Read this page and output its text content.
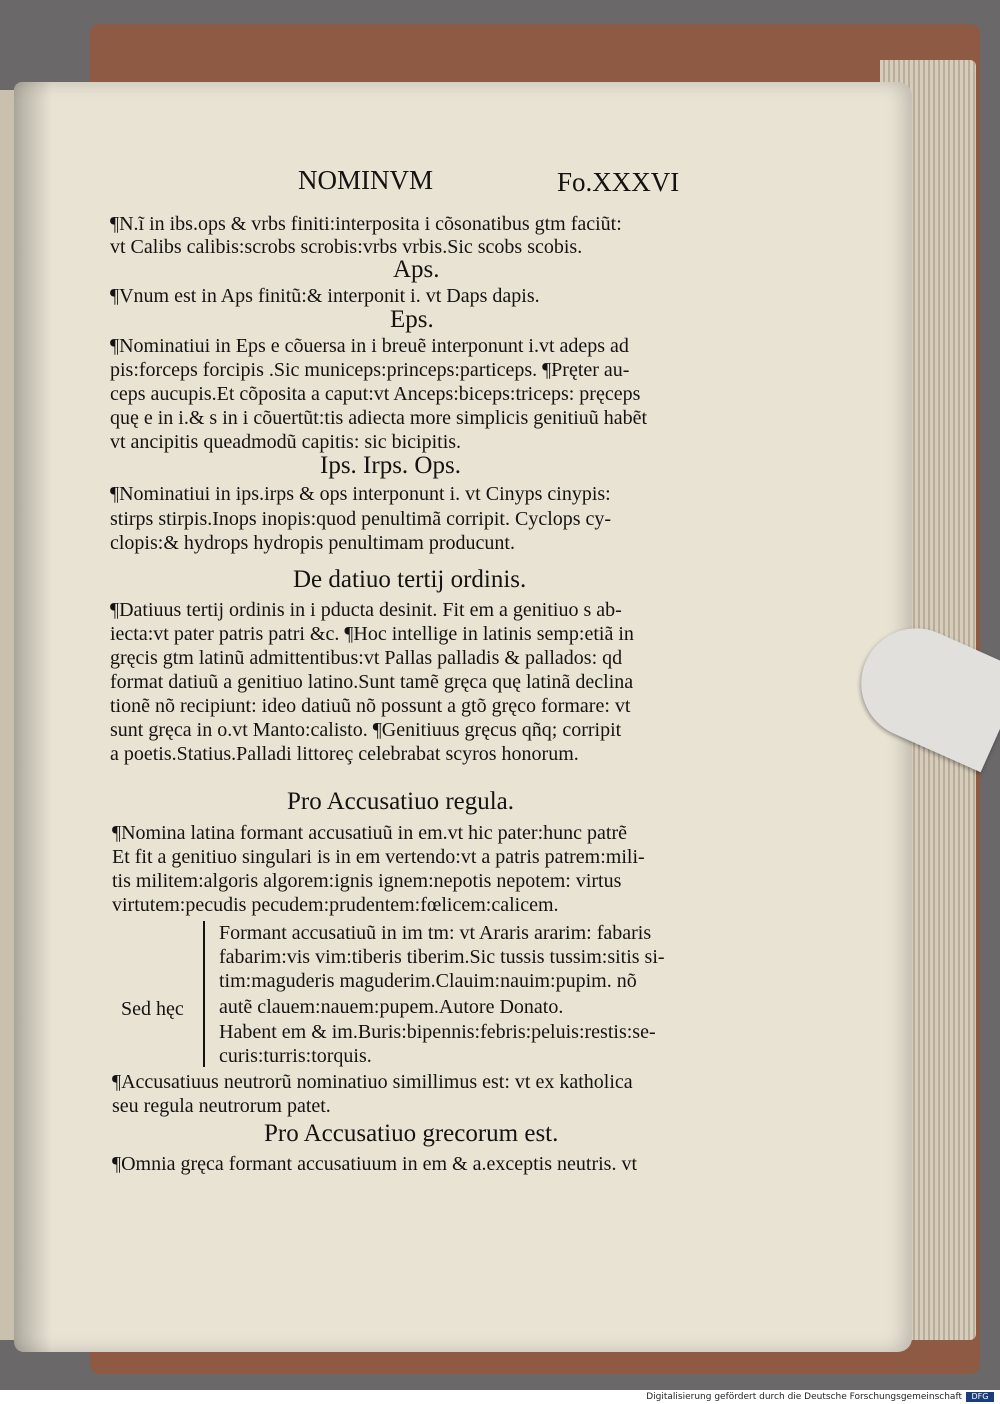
NOMINVM	Fo.XXXVI
¶N.ĩ in ibs.ops & vrbs finiti:interposita i cõsonatibus gtm faciũt:
vt Calibs calibis:scrobs scrobis:vrbs vrbis.Sic scobs scobis.
Aps.
¶Vnum est in Aps finitũ:& interponit i. vt Daps dapis.
Eps.
¶Nominatiui in Eps e cõuersa in i breuẽ interponunt i.vt adeps ad
pis:forceps forcipis .Sic municeps:princeps:particeps. ¶Pręter au-
ceps aucupis.Et cõposita a caput:vt Anceps:biceps:triceps: pręceps
quę e in i.& s in i cõuertũt:tis adiecta more simplicis genitiuũ habẽt
vt ancipitis queadmodũ capitis: sic bicipitis.
Ips. Irps. Ops.
¶Nominatiui in ips.irps & ops interponunt i. vt Cinyps cinypis:
stirps stirpis.Inops inopis:quod penultimã corripit. Cyclops cy-
clopis:& hydrops hydropis penultimam producunt.
De datiuo tertij ordinis.
¶Datiuus tertij ordinis in i pducta desinit. Fit em a genitiuo s ab-
iecta:vt pater patris patri &c. ¶Hoc intellige in latinis semp:etiã in
gręcis gtm latinũ admittentibus:vt Pallas palladis & pallados: qd
format datiuũ a genitiuo latino.Sunt tamẽ gręca quę latinã declina
tionẽ nõ recipiunt: ideo datiuũ nõ possunt a gtõ gręco formare: vt
sunt gręca in o.vt Manto:calisto. ¶Genitiuus gręcus qñq; corripit
a poetis.Statius.Palladi littoreç celebrabat scyros honorum.
Pro Accusatiuo regula.
¶Nomina latina formant accusatiuũ in em.vt hic pater:hunc patrẽ
Et fit a genitiuo singulari is in em vertendo:vt a patris patrem:mili-
tis militem:algoris algorem:ignis ignem:nepotis nepotem: virtus
virtutem:pecudis pecudem:prudentem:fœlicem:calicem.
Formant accusatiuũ in im tm: vt Araris ararim: fabaris
fabarim:vis vim:tiberis tiberim.Sic tussis tussim:sitis si-
tim:maguderis maguderim.Clauim:nauim:pupim. nõ
Sed hęc autẽ clauem:nauem:pupem.Autore Donato.
Habent em & im.Buris:bipennis:febris:peluis:restis:se-
curis:turris:torquis.
¶Accusatiuus neutrorũ nominatiuo simillimus est: vt ex katholica
seu regula neutrorum patet.
Pro Accusatiuo grecorum est.
¶Omnia gręca formant accusatiuum in em & a.exceptis neutris. vt
Digitalisierung gefördert durch die Deutsche Forschungsgemeinschaft	DFG
